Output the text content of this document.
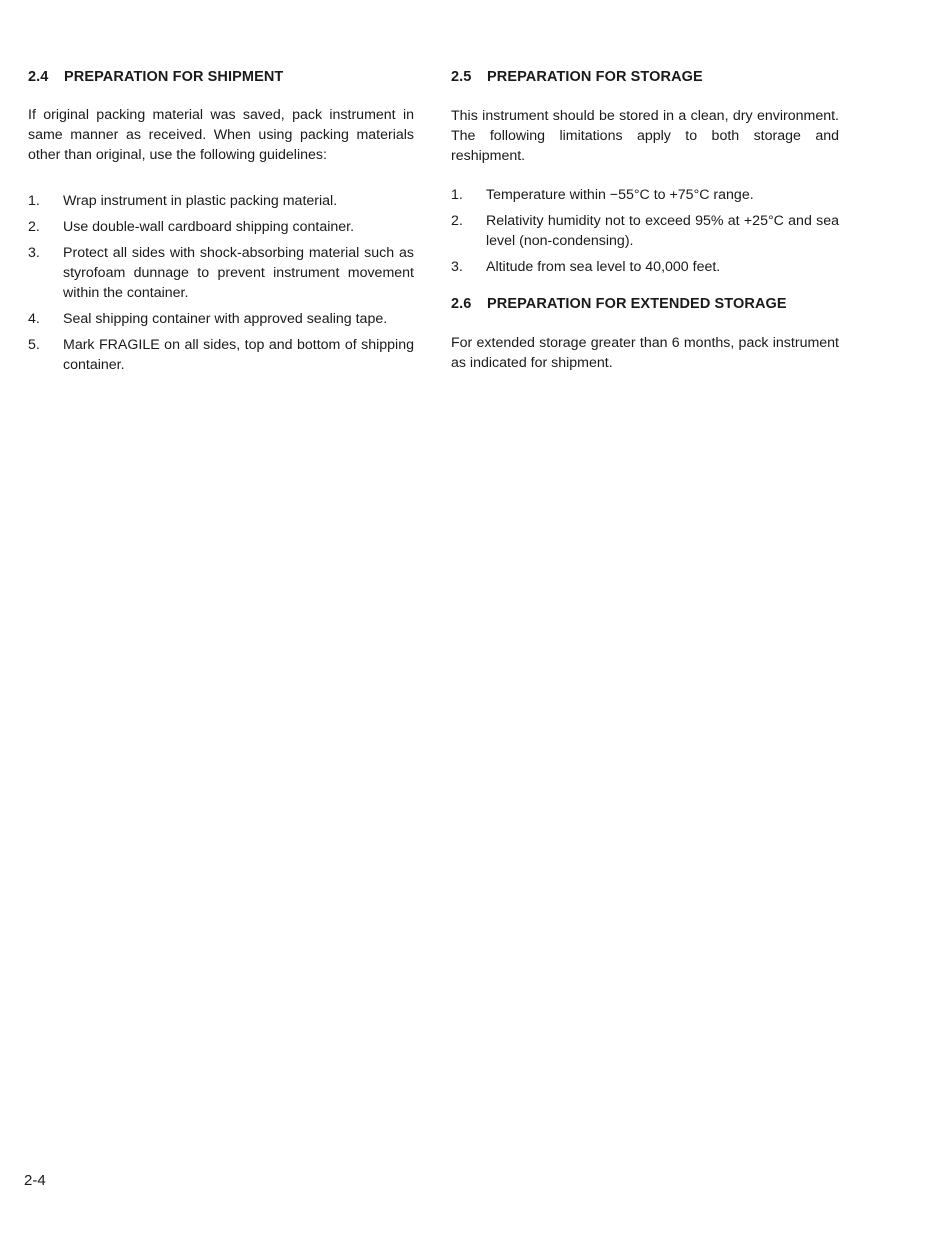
2.4 PREPARATION FOR SHIPMENT

If original packing material was saved, pack instrument in same manner as received. When using packing materials other than original, use the following guidelines:

1. Wrap instrument in plastic packing material.
2. Use double-wall cardboard shipping container.
3. Protect all sides with shock-absorbing material such as styrofoam dunnage to prevent instrument movement within the container.
4. Seal shipping container with approved sealing tape.
5. Mark FRAGILE on all sides, top and bottom of shipping container.
2.5 PREPARATION FOR STORAGE

This instrument should be stored in a clean, dry environment. The following limitations apply to both storage and reshipment.

1. Temperature within −55°C to +75°C range.
2. Relativity humidity not to exceed 95% at +25°C and sea level (non-condensing).
3. Altitude from sea level to 40,000 feet.
2.6 PREPARATION FOR EXTENDED STORAGE

For extended storage greater than 6 months, pack instrument as indicated for shipment.

2-4
